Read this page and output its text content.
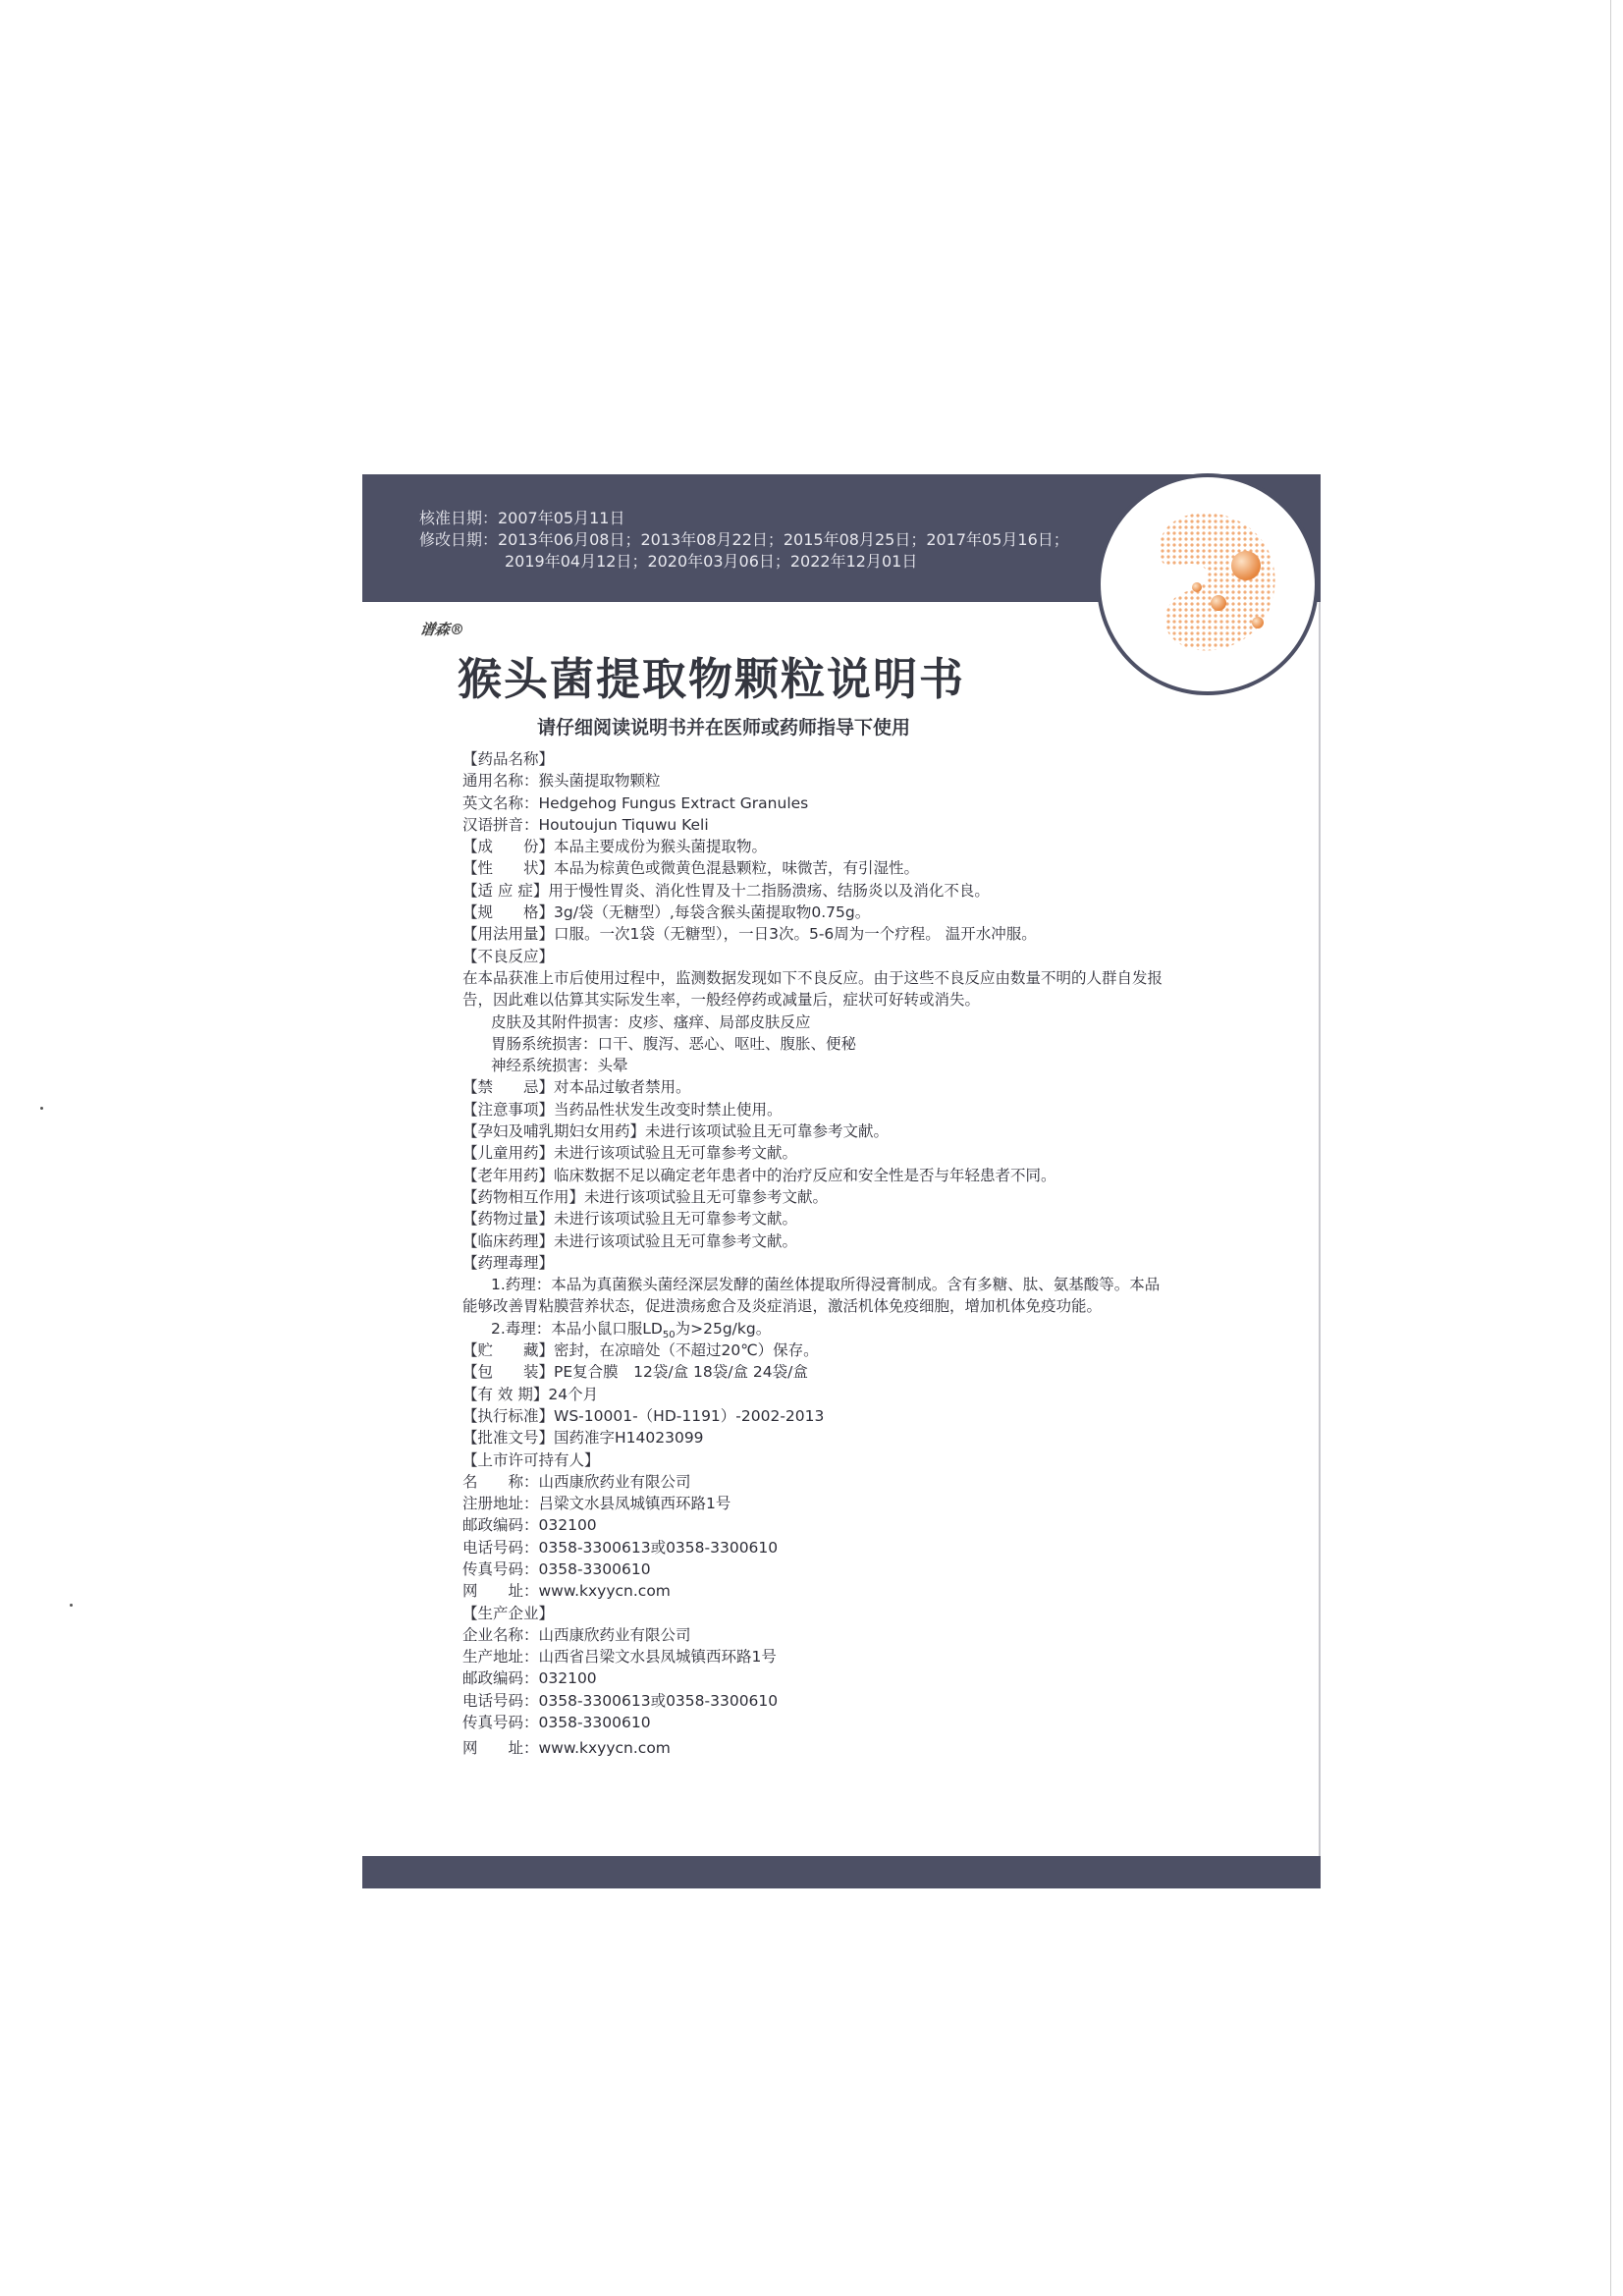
核准日期：2007年05月11日
修改日期：2013年06月08日；2013年08月22日；2015年08月25日；2017年05月16日；
2019年04月12日；2020年03月06日；2022年12月01日
谱森®
猴头菌提取物颗粒说明书
请仔细阅读说明书并在医师或药师指导下使用
【药品名称】
通用名称：猴头菌提取物颗粒
英文名称：Hedgehog Fungus Extract Granules
汉语拼音：Houtoujun Tiquwu Keli
【成　　份】本品主要成份为猴头菌提取物。
【性　　状】本品为棕黄色或微黄色混悬颗粒，味微苦，有引湿性。
【适 应 症】用于慢性胃炎、消化性胃及十二指肠溃疡、结肠炎以及消化不良。
【规　　格】3g/袋（无糖型）,每袋含猴头菌提取物0.75g。
【用法用量】口服。一次1袋（无糖型），一日3次。5-6周为一个疗程。 温开水冲服。
【不良反应】
在本品获准上市后使用过程中，监测数据发现如下不良反应。由于这些不良反应由数量不明的人群自发报告，因此难以估算其实际发生率，一般经停药或减量后，症状可好转或消失。
皮肤及其附件损害：皮疹、瘙痒、局部皮肤反应
胃肠系统损害：口干、腹泻、恶心、呕吐、腹胀、便秘
神经系统损害：头晕
【禁　　忌】对本品过敏者禁用。
【注意事项】当药品性状发生改变时禁止使用。
【孕妇及哺乳期妇女用药】未进行该项试验且无可靠参考文献。
【儿童用药】未进行该项试验且无可靠参考文献。
【老年用药】临床数据不足以确定老年患者中的治疗反应和安全性是否与年轻患者不同。
【药物相互作用】未进行该项试验且无可靠参考文献。
【药物过量】未进行该项试验且无可靠参考文献。
【临床药理】未进行该项试验且无可靠参考文献。
【药理毒理】
1.药理：本品为真菌猴头菌经深层发酵的菌丝体提取所得浸膏制成。含有多糖、肽、氨基酸等。本品能够改善胃粘膜营养状态，促进溃疡愈合及炎症消退，激活机体免疫细胞，增加机体免疫功能。
2.毒理：本品小鼠口服$LD_{50}$为>25g/kg。
【贮　　藏】密封，在凉暗处（不超过20℃）保存。
【包　　装】PE复合膜　12袋/盒 18袋/盒 24袋/盒
【有 效 期】24个月
【执行标准】WS-10001-（HD-1191）-2002-2013
【批准文号】国药准字H14023099
【上市许可持有人】
名　　称：山西康欣药业有限公司
注册地址：吕梁文水县凤城镇西环路1号
邮政编码：032100
电话号码：0358-3300613或0358-3300610
传真号码：0358-3300610
网　　址：www.kxyycn.com
【生产企业】
企业名称：山西康欣药业有限公司
生产地址：山西省吕梁文水县凤城镇西环路1号
邮政编码：032100
电话号码：0358-3300613或0358-3300610
传真号码：0358-3300610
网　　址：www.kxyycn.com
